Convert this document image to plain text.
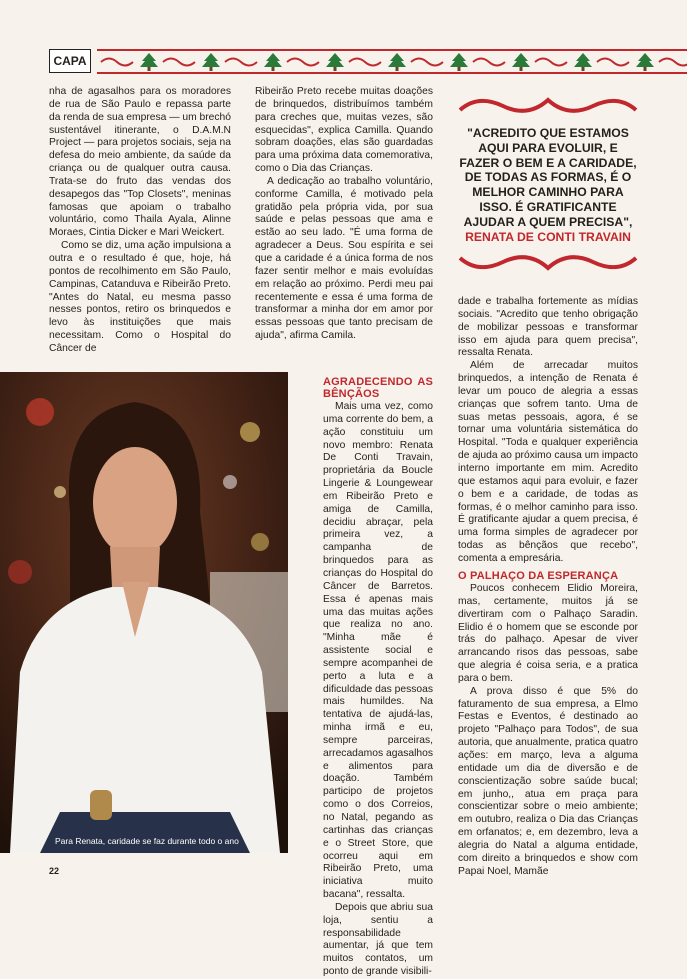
CAPA

nha de agasalhos para os moradores de rua de São Paulo e repassa parte da renda de sua empresa — um brechó sustentável itinerante, o D.A.M.N Project — para projetos sociais, seja na defesa do meio ambiente, da saúde da criança ou de qualquer outra causa. Trata-se do fruto das vendas dos desapegos das "Top Closets", meninas famosas que apoiam o trabalho voluntário, como Thaila Ayala, Alinne Moraes, Cintia Dicker e Mari Weickert.

Como se diz, uma ação impulsiona a outra e o resultado é que, hoje, há pontos de recolhimento em São Paulo, Campinas, Catanduva e Ribeirão Preto. "Antes do Natal, eu mesma passo nesses pontos, retiro os brinquedos e levo às instituições que mais necessitam. Como o Hospital do Câncer de

Ribeirão Preto recebe muitas doações de brinquedos, distribuímos também para creches que, muitas vezes, são esquecidas", explica Camilla. Quando sobram doações, elas são guardadas para uma próxima data comemorativa, como o Dia das Crianças.

A dedicação ao trabalho voluntário, conforme Camilla, é motivado pela gratidão pela própria vida, por sua saúde e pelas pessoas que ama e estão ao seu lado. "É uma forma de agradecer a Deus. Sou espírita e sei que a caridade é a única forma de nos fazer sentir melhor e mais evoluídas em relação ao próximo. Perdi meu pai recentemente e essa é uma forma de transformar a minha dor em amor por essas pessoas que tanto precisam de ajuda", afirma Camila.

"ACREDITO QUE ESTAMOS AQUI PARA EVOLUIR, E FAZER O BEM E A CARIDADE, DE TODAS AS FORMAS, É O MELHOR CAMINHO PARA ISSO. É GRATIFICANTE AJUDAR A QUEM PRECISA",
RENATA DE CONTI TRAVAIN

dade e trabalha fortemente as mídias sociais. "Acredito que tenho obrigação de mobilizar pessoas e transformar isso em ajuda para quem precisa", ressalta Renata.

Além de arrecadar muitos brinquedos, a intenção de Renata é levar um pouco de alegria a essas crianças que sofrem tanto. Uma de suas metas pessoais, agora, é se tornar uma voluntária sistemática do Hospital. "Toda e qualquer experiência de ajuda ao próximo causa um impacto interno importante em mim. Acredito que estamos aqui para evoluir, e fazer o bem e a caridade, de todas as formas, é o melhor caminho para isso. É gratificante ajudar a quem precisa, é uma forma simples de agradecer por todas as bênçãos que recebo", comenta a empresária.

Para Renata, caridade se faz durante todo o ano
AGRADECENDO AS BÊNÇÃOS

Mais uma vez, como uma corrente do bem, a ação constituiu um novo membro: Renata De Conti Travain, proprietária da Boucle Lingerie & Loungewear em Ribeirão Preto e amiga de Camilla, decidiu abraçar, pela primeira vez, a campanha de brinquedos para as crianças do Hospital do Câncer de Barretos. Essa é apenas mais uma das muitas ações que realiza no ano. "Minha mãe é assistente social e sempre acompanhei de perto a luta e a dificuldade das pessoas mais humildes. Na tentativa de ajudá-las, minha irmã e eu, sempre parceiras, arrecadamos agasalhos e alimentos para doação. Também participo de projetos como o dos Correios, no Natal, pegando as cartinhas das crianças e o Street Store, que ocorreu aqui em Ribeirão Preto, uma iniciativa muito bacana", ressalta.

Depois que abriu sua loja, sentiu a responsabilidade aumentar, já que tem muitos contatos, um ponto de grande visibili-

O PALHAÇO DA ESPERANÇA

Poucos conhecem Elidio Moreira, mas, certamente, muitos já se divertiram com o Palhaço Saradin. Elidio é o homem que se esconde por trás do palhaço. Apesar de viver arrancando risos das pessoas, sabe que alegria é coisa seria, e a pratica para o bem.

A prova disso é que 5% do faturamento de sua empresa, a Elmo Festas e Eventos, é destinado ao projeto "Palhaço para Todos", de sua autoria, que anualmente, pratica quatro ações: em março, leva a alguma entidade um dia de diversão e de conscientização sobre saúde bucal; em junho,, atua em praça para conscientizar sobre o meio ambiente; em outubro, realiza o Dia das Crianças em orfanatos; e, em dezembro, leva a alegria do Natal a alguma entidade, com direito a brinquedos e show com Papai Noel, Mamãe

22
